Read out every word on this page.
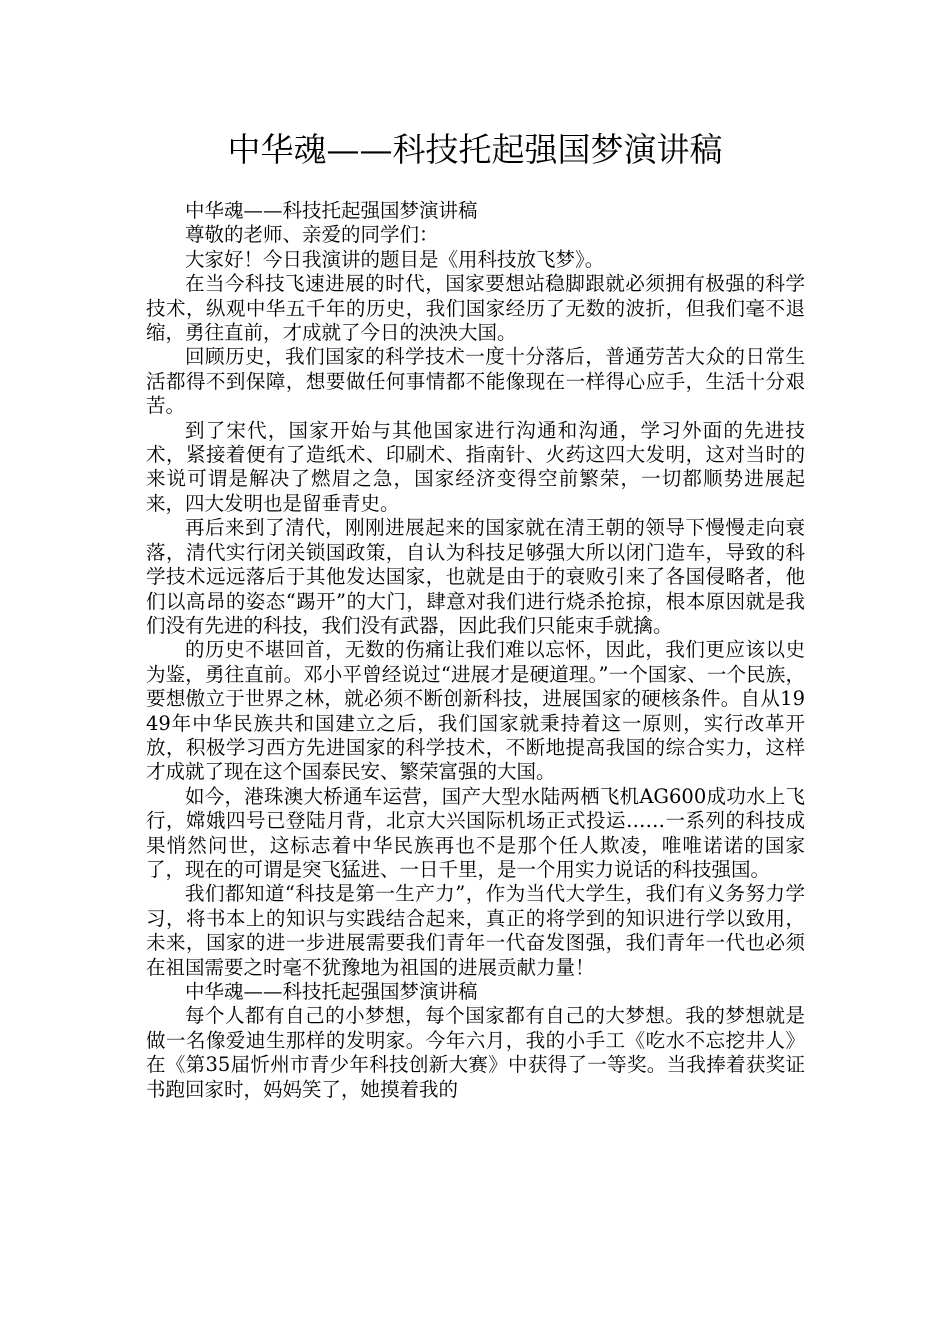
中华魂——科技托起强国梦演讲稿

中华魂——科技托起强国梦演讲稿

尊敬的老师、亲爱的同学们：

大家好！今日我演讲的题目是《用科技放飞梦》。

在当今科技飞速进展的时代，国家要想站稳脚跟就必须拥有极强的科学技术，纵观中华五千年的历史，我们国家经历了无数的波折，但我们毫不退缩，勇往直前，才成就了今日的泱泱大国。

回顾历史，我们国家的科学技术一度十分落后，普通劳苦大众的日常生活都得不到保障，想要做任何事情都不能像现在一样得心应手，生活十分艰苦。

到了宋代，国家开始与其他国家进行沟通和沟通，学习外面的先进技术，紧接着便有了造纸术、印刷术、指南针、火药这四大发明，这对当时的来说可谓是解决了燃眉之急，国家经济变得空前繁荣，一切都顺势进展起来，四大发明也是留垂青史。

再后来到了清代，刚刚进展起来的国家就在清王朝的领导下慢慢走向衰落，清代实行闭关锁国政策，自认为科技足够强大所以闭门造车，导致的科学技术远远落后于其他发达国家，也就是由于的衰败引来了各国侵略者，他们以高昂的姿态“踢开”的大门，肆意对我们进行烧杀抢掠，根本原因就是我们没有先进的科技，我们没有武器，因此我们只能束手就擒。

的历史不堪回首，无数的伤痛让我们难以忘怀，因此，我们更应该以史为鉴，勇往直前。邓小平曾经说过“进展才是硬道理。”一个国家、一个民族，要想傲立于世界之林，就必须不断创新科技，进展国家的硬核条件。自从1949年中华民族共和国建立之后，我们国家就秉持着这一原则，实行改革开放，积极学习西方先进国家的科学技术，不断地提高我国的综合实力，这样才成就了现在这个国泰民安、繁荣富强的大国。

如今，港珠澳大桥通车运营，国产大型水陆两栖飞机AG600成功水上飞行，嫦娥四号已登陆月背，北京大兴国际机场正式投运……一系列的科技成果悄然问世，这标志着中华民族再也不是那个任人欺凌，唯唯诺诺的国家了，现在的可谓是突飞猛进、一日千里，是一个用实力说话的科技强国。

我们都知道“科技是第一生产力”，作为当代大学生，我们有义务努力学习，将书本上的知识与实践结合起来，真正的将学到的知识进行学以致用，未来，国家的进一步进展需要我们青年一代奋发图强，我们青年一代也必须在祖国需要之时毫不犹豫地为祖国的进展贡献力量！

中华魂——科技托起强国梦演讲稿

每个人都有自己的小梦想，每个国家都有自己的大梦想。我的梦想就是做一名像爱迪生那样的发明家。今年六月，我的小手工《吃水不忘挖井人》在《第35届忻州市青少年科技创新大赛》中获得了一等奖。当我捧着获奖证书跑回家时，妈妈笑了，她摸着我的
